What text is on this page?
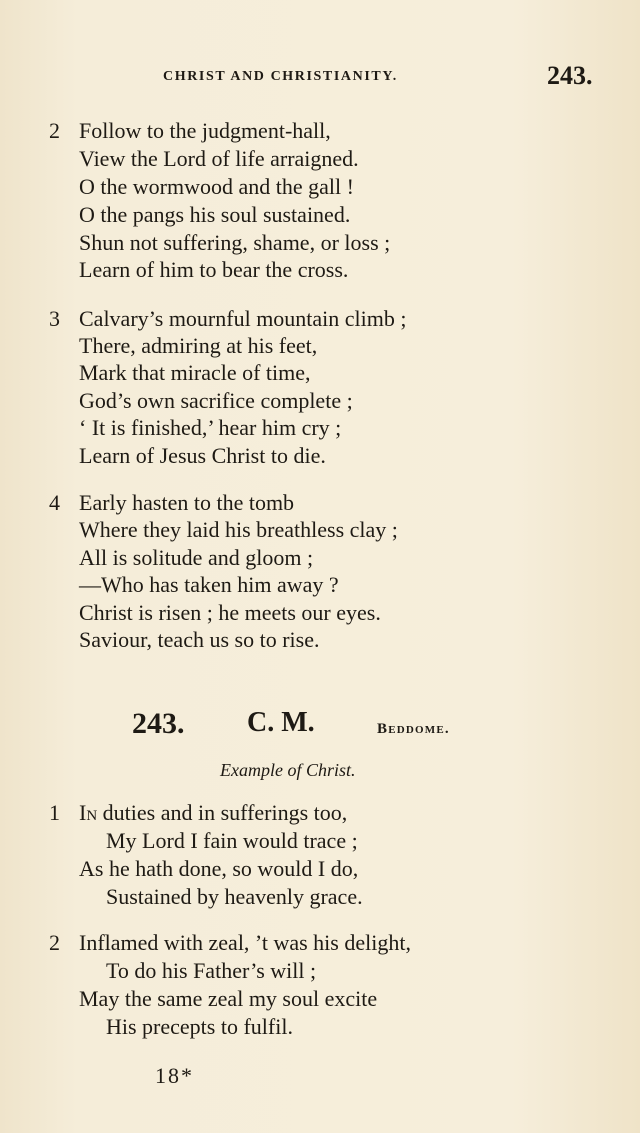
CHRIST AND CHRISTIANITY.	243.
2 Follow to the judgment-hall,
View the Lord of life arraigned.
O the wormwood and the gall !
O the pangs his soul sustained.
Shun not suffering, shame, or loss ;
Learn of him to bear the cross.
3 Calvary’s mournful mountain climb ;
There, admiring at his feet,
Mark that miracle of time,
God’s own sacrifice complete ;
‘ It is finished,’ hear him cry ;
Learn of Jesus Christ to die.
4 Early hasten to the tomb
Where they laid his breathless clay ;
All is solitude and gloom ;
—Who has taken him away ?
Christ is risen ; he meets our eyes.
Saviour, teach us so to rise.
243. C. M.	Beddome.
Example of Christ.
1 In duties and in sufferings too,
My Lord I fain would trace ;
As he hath done, so would I do,
Sustained by heavenly grace.
2 Inflamed with zeal, ’t was his delight,
To do his Father’s will ;
May the same zeal my soul excite
His precepts to fulfil.
18*
